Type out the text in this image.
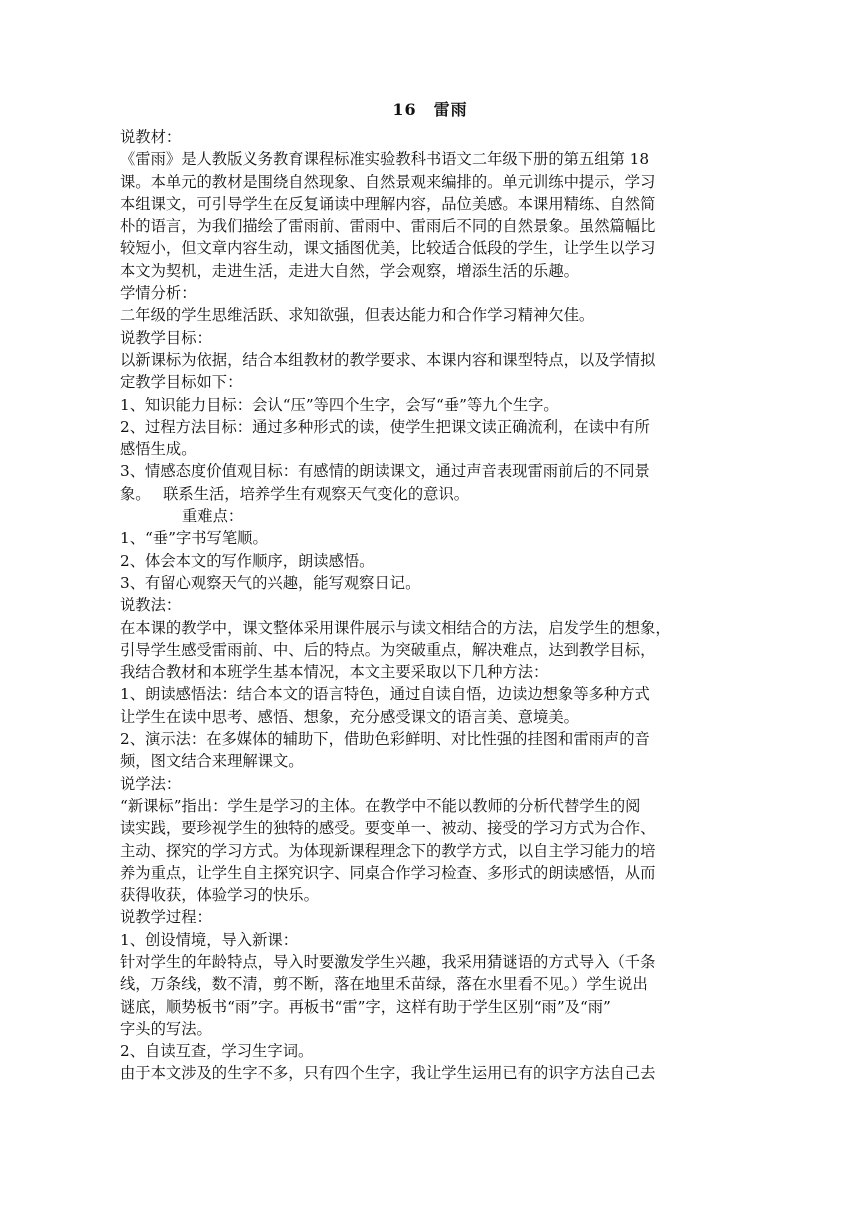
16　雷雨
说教材：
《雷雨》是人教版义务教育课程标准实验教科书语文二年级下册的第五组第 18
课。本单元的教材是围绕自然现象、自然景观来编排的。单元训练中提示，学习
本组课文，可引导学生在反复诵读中理解内容，品位美感。本课用精练、自然简
朴的语言，为我们描绘了雷雨前、雷雨中、雷雨后不同的自然景象。虽然篇幅比
较短小，但文章内容生动，课文插图优美，比较适合低段的学生，让学生以学习
本文为契机，走进生活，走进大自然，学会观察，增添生活的乐趣。
学情分析：
二年级的学生思维活跃、求知欲强，但表达能力和合作学习精神欠佳。
说教学目标：
以新课标为依据，结合本组教材的教学要求、本课内容和课型特点，以及学情拟
定教学目标如下：
1、知识能力目标：会认“压”等四个生字，会写“垂”等九个生字。
2、过程方法目标：通过多种形式的读，使学生把课文读正确流利，在读中有所
感悟生成。
3、情感态度价值观目标：有感情的朗读课文，通过声音表现雷雨前后的不同景
象。　 联系生活，培养学生有观察天气变化的意识。
重难点：
1、“垂”字书写笔顺。
2、体会本文的写作顺序，朗读感悟。
3、有留心观察天气的兴趣，能写观察日记。
说教法：
在本课的教学中，课文整体采用课件展示与读文相结合的方法，启发学生的想象，
引导学生感受雷雨前、中、后的特点。为突破重点，解决难点，达到教学目标，
我结合教材和本班学生基本情况，本文主要采取以下几种方法：
1、朗读感悟法：结合本文的语言特色，通过自读自悟，边读边想象等多种方式
让学生在读中思考、感悟、想象，充分感受课文的语言美、意境美。
2、演示法：在多媒体的辅助下，借助色彩鲜明、对比性强的挂图和雷雨声的音
频，图文结合来理解课文。
说学法：
“新课标”指出：学生是学习的主体。在教学中不能以教师的分析代替学生的阅
读实践，要珍视学生的独特的感受。要变单一、被动、接受的学习方式为合作、
主动、探究的学习方式。为体现新课程理念下的教学方式，以自主学习能力的培
养为重点，让学生自主探究识字、同桌合作学习检查、多形式的朗读感悟，从而
获得收获，体验学习的快乐。
说教学过程：
1、创设情境，导入新课：
针对学生的年龄特点，导入时要激发学生兴趣，我采用猜谜语的方式导入（千条
线，万条线，数不清，剪不断，落在地里禾苗绿，落在水里看不见。）学生说出
谜底，顺势板书“雨”字。再板书“雷”字，这样有助于学生区别“雨”及“雨”
字头的写法。
2、自读互查，学习生字词。
由于本文涉及的生字不多，只有四个生字，我让学生运用已有的识字方法自己去
